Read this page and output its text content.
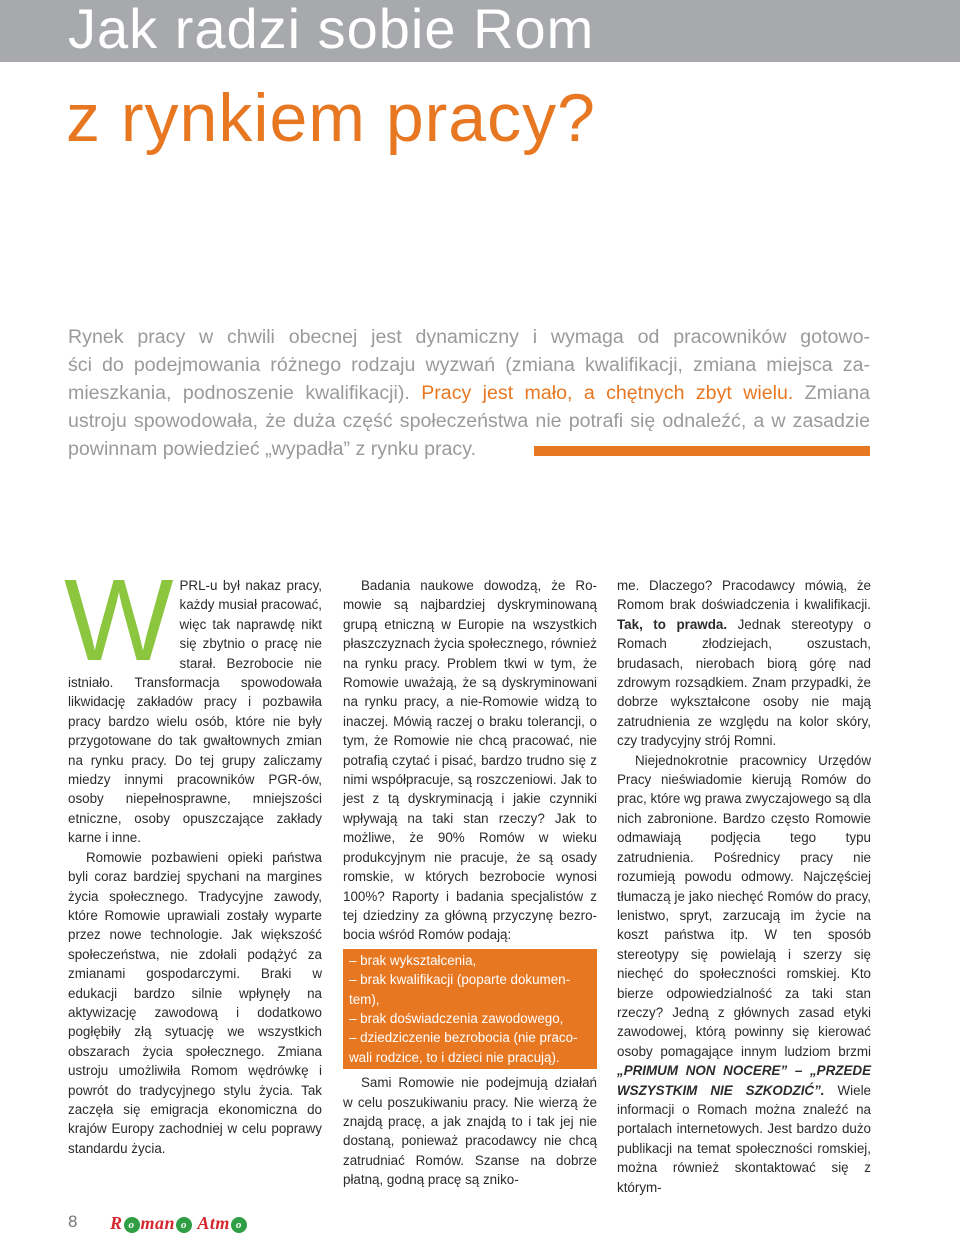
Jak radzi sobie Rom
z rynkiem pracy?
Rynek pracy w chwili obecnej jest dynamiczny i wymaga od pracowników gotowo-
ści do podejmowania różnego rodzaju wyzwań (zmiana kwalifikacji, zmiana miejsca za-
mieszkania, podnoszenie kwalifikacji). Pracy jest mało, a chętnych zbyt wielu. Zmiana
ustroju spowodowała, że duża część społeczeństwa nie potrafi się odnaleźć, a w zasadzie
powinnam powiedzieć „wypadła” z rynku pracy.
W PRL-u był nakaz pracy, każdy musiał pracować, więc tak naprawdę nikt się zbytnio o pracę nie starał. Bezrobocie nie istniało. Transformacja spowodowała likwidację zakładów pracy i pozbawiła pracy bardzo wielu osób, które nie były przygotowane do tak gwałtownych zmian na rynku pracy. Do tej grupy zaliczamy miedzy innymi pracowników PGR-ów, osoby niepełnosprawne, mniejszości etniczne, osoby opuszczające zakłady karne i inne.

Romowie pozbawieni opieki państwa byli coraz bardziej spychani na margines życia społecznego. Tradycyjne zawody, które Romowie uprawiali zostały wyparte przez nowe technologie. Jak większość społeczeństwa, nie zdołali podążyć za zmianami gospodarczymi. Braki w edukacji bardzo silnie wpłynęły na aktywizację zawodową i dodatkowo pogłębiły złą sytuację we wszystkich obszarach życia społecznego. Zmiana ustroju umożliwiła Romom wędrówkę i powrót do tradycyjnego stylu życia. Tak zaczęła się emigracja ekonomiczna do krajów Europy zachodniej w celu poprawy standardu życia.

Badania naukowe dowodzą, że Romowie są najbardziej dyskryminowaną grupą etniczną w Europie na wszystkich płaszczyznach życia społecznego, również na rynku pracy. Problem tkwi w tym, że Romowie uważają, że są dyskryminowani na rynku pracy, a nie-Romowie widzą to inaczej. Mówią raczej o braku tolerancji, o tym, że Romowie nie chcą pracować, nie potrafią czytać i pisać, bardzo trudno się z nimi współpracuje, są roszczeniowi. Jak to jest z tą dyskryminacją i jakie czynniki wpływają na taki stan rzeczy? Jak to możliwe, że 90% Romów w wieku produkcyjnym nie pracuje, że są osady romskie, w których bezrobocie wynosi 100%? Raporty i badania specjalistów z tej dziedziny za główną przyczynę bezrobocia wśród Romów podają:

– brak wykształcenia,
– brak kwalifikacji (poparte dokumentem),
– brak doświadczenia zawodowego,
– dziedziczenie bezrobocia (nie pracowali rodzice, to i dzieci nie pracują).

Sami Romowie nie podejmują działań w celu poszukiwaniu pracy. Nie wierzą że znajdą pracę, a jak znajdą to i tak jej nie dostaną, ponieważ pracodawcy nie chcą zatrudniać Romów. Szanse na dobrze płatną, godną pracę są zniko-

me. Dlaczego? Pracodawcy mówią, że Romom brak doświadczenia i kwalifikacji. Tak, to prawda. Jednak stereotypy o Romach złodziejach, oszustach, brudasach, nierobach biorą górę nad zdrowym rozsądkiem. Znam przypadki, że dobrze wykształcone osoby nie mają zatrudnienia ze względu na kolor skóry, czy tradycyjny strój Romni.

Niejednokrotnie pracownicy Urzędów Pracy nieświadomie kierują Romów do prac, które wg prawa zwyczajowego są dla nich zabronione. Bardzo często Romowie odmawiają podjęcia tego typu zatrudnienia. Pośrednicy pracy nie rozumieją powodu odmowy. Najczęściej tłumaczą je jako niechęć Romów do pracy, lenistwo, spryt, zarzucają im życie na koszt państwa itp. W ten sposób stereotypy się powielają i szerzy się niechęć do społeczności romskiej. Kto bierze odpowiedzialność za taki stan rzeczy? Jedną z głównych zasad etyki zawodowej, którą powinny się kierować osoby pomagające innym ludziom brzmi „PRIMUM NON NOCERE” – „PRZEDE WSZYSTKIM NIE SZKODZIĆ”. Wiele informacji o Romach można znaleźć na portalach internetowych. Jest bardzo dużo publikacji na temat społeczności romskiej, można również skontaktować się z którym-

8 R o man o Atm o
